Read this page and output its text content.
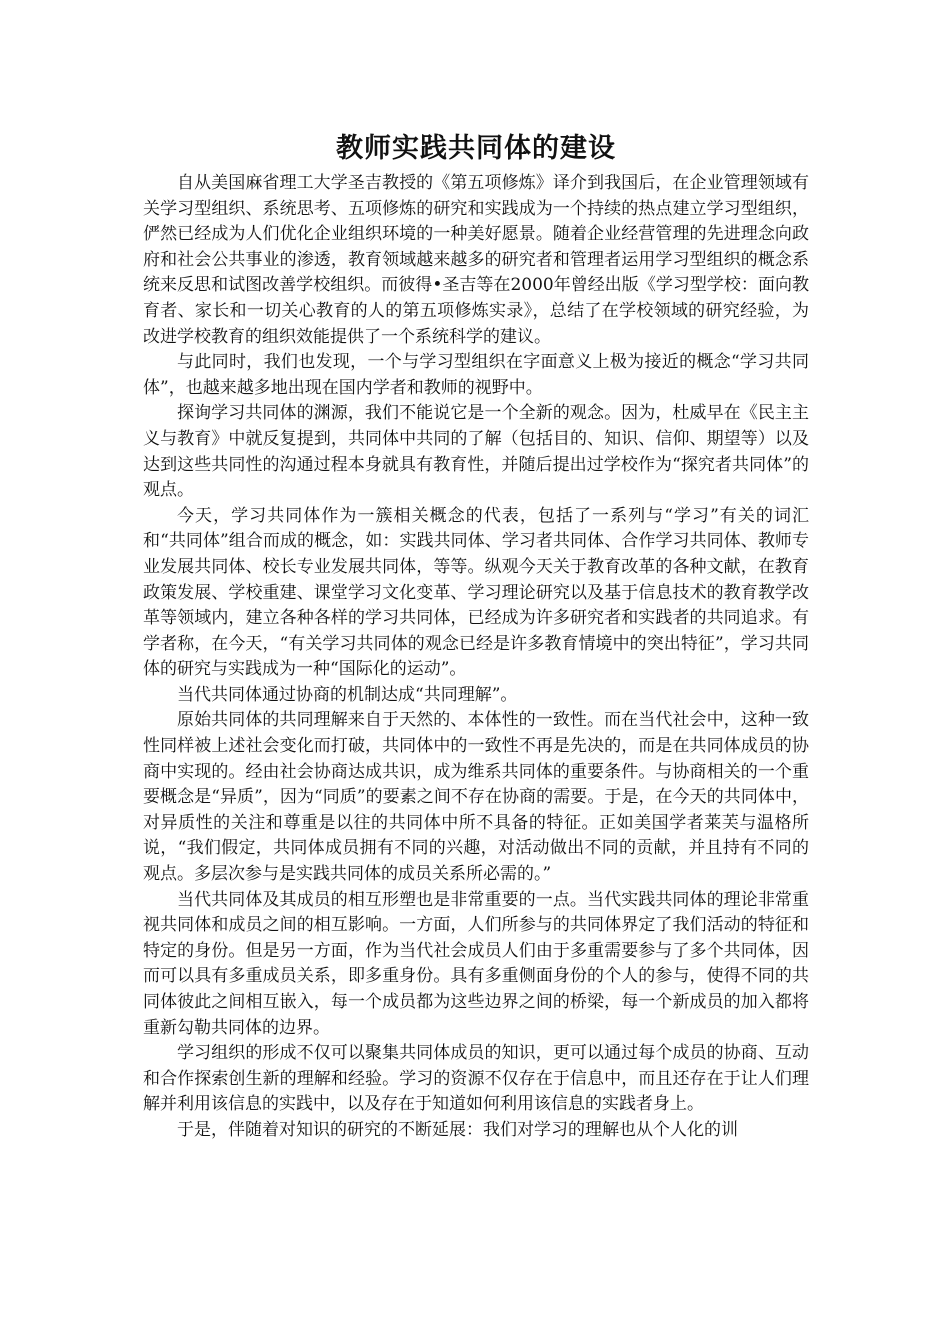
教师实践共同体的建设

自从美国麻省理工大学圣吉教授的《第五项修炼》译介到我国后，在企业管理领域有关学习型组织、系统思考、五项修炼的研究和实践成为一个持续的热点建立学习型组织，俨然已经成为人们优化企业组织环境的一种美好愿景。随着企业经营管理的先进理念向政府和社会公共事业的渗透，教育领域越来越多的研究者和管理者运用学习型组织的概念系统来反思和试图改善学校组织。而彼得•圣吉等在2000年曾经出版《学习型学校：面向教育者、家长和一切关心教育的人的第五项修炼实录》，总结了在学校领域的研究经验，为改进学校教育的组织效能提供了一个系统科学的建议。

与此同时，我们也发现，一个与学习型组织在字面意义上极为接近的概念“学习共同体”，也越来越多地出现在国内学者和教师的视野中。

探询学习共同体的渊源，我们不能说它是一个全新的观念。因为，杜威早在《民主主义与教育》中就反复提到，共同体中共同的了解（包括目的、知识、信仰、期望等）以及达到这些共同性的沟通过程本身就具有教育性，并随后提出过学校作为“探究者共同体”的观点。

今天，学习共同体作为一簇相关概念的代表，包括了一系列与“学习”有关的词汇和“共同体”组合而成的概念，如：实践共同体、学习者共同体、合作学习共同体、教师专业发展共同体、校长专业发展共同体，等等。纵观今天关于教育改革的各种文献，在教育政策发展、学校重建、课堂学习文化变革、学习理论研究以及基于信息技术的教育教学改革等领域内，建立各种各样的学习共同体，已经成为许多研究者和实践者的共同追求。有学者称，在今天，“有关学习共同体的观念已经是许多教育情境中的突出特征”，学习共同体的研究与实践成为一种“国际化的运动”。

当代共同体通过协商的机制达成“共同理解”。

原始共同体的共同理解来自于天然的、本体性的一致性。而在当代社会中，这种一致性同样被上述社会变化而打破，共同体中的一致性不再是先决的，而是在共同体成员的协商中实现的。经由社会协商达成共识，成为维系共同体的重要条件。与协商相关的一个重要概念是“异质”，因为“同质”的要素之间不存在协商的需要。于是，在今天的共同体中，对异质性的关注和尊重是以往的共同体中所不具备的特征。正如美国学者莱芙与温格所说，“我们假定，共同体成员拥有不同的兴趣，对活动做出不同的贡献，并且持有不同的观点。多层次参与是实践共同体的成员关系所必需的。”

当代共同体及其成员的相互形塑也是非常重要的一点。当代实践共同体的理论非常重视共同体和成员之间的相互影响。一方面，人们所参与的共同体界定了我们活动的特征和特定的身份。但是另一方面，作为当代社会成员人们由于多重需要参与了多个共同体，因而可以具有多重成员关系，即多重身份。具有多重侧面身份的个人的参与，使得不同的共同体彼此之间相互嵌入，每一个成员都为这些边界之间的桥梁，每一个新成员的加入都将重新勾勒共同体的边界。

学习组织的形成不仅可以聚集共同体成员的知识，更可以通过每个成员的协商、互动和合作探索创生新的理解和经验。学习的资源不仅存在于信息中，而且还存在于让人们理解并利用该信息的实践中，以及存在于知道如何利用该信息的实践者身上。

于是，伴随着对知识的研究的不断延展：我们对学习的理解也从个人化的训
